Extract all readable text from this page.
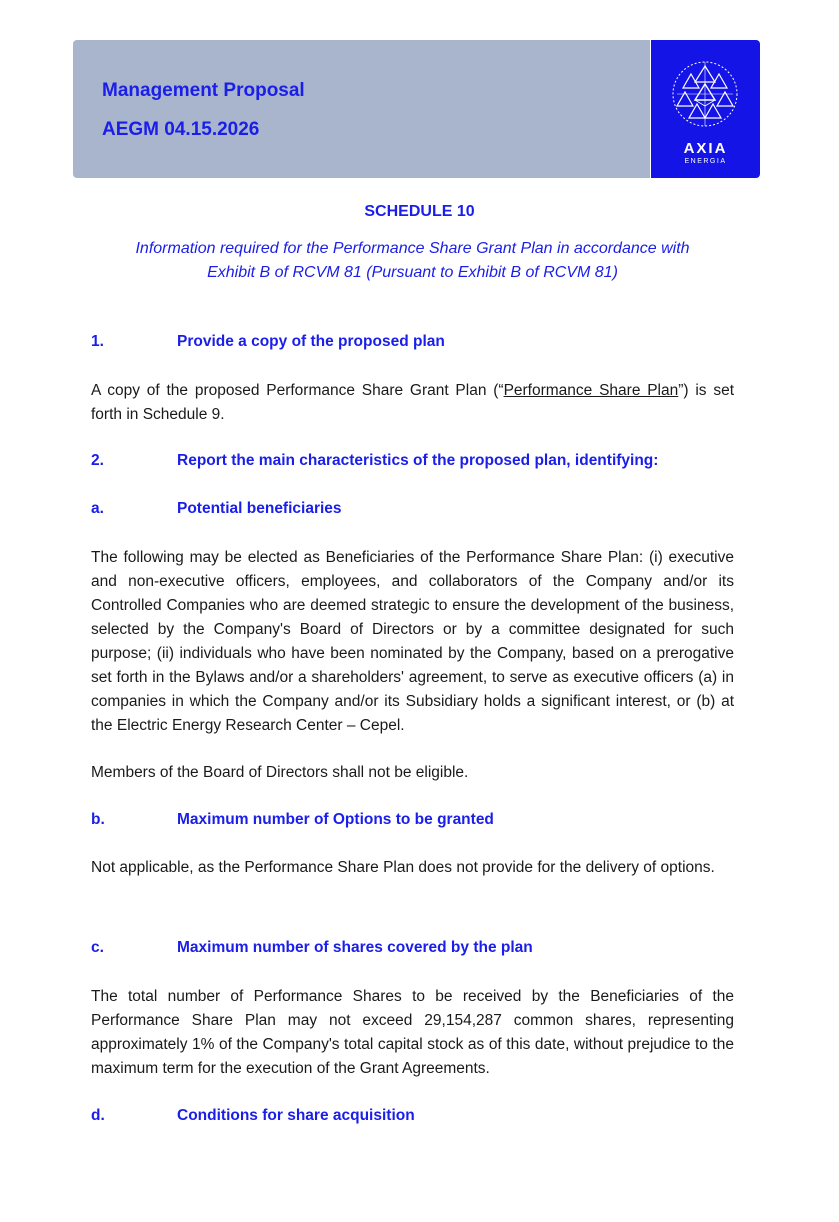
Management Proposal
AEGM 04.15.2026
AXIA
ENERGIA
SCHEDULE 10
Information required for the Performance Share Grant Plan in accordance with
Exhibit B of RCVM 81 (Pursuant to Exhibit B of RCVM 81)
1.	Provide a copy of the proposed plan

A copy of the proposed Performance Share Grant Plan (“Performance Share Plan”) is set forth in Schedule 9.

2.	Report the main characteristics of the proposed plan, identifying:
a.	Potential beneficiaries

The following may be elected as Beneficiaries of the Performance Share Plan: (i) executive and non-executive officers, employees, and collaborators of the Company and/or its Controlled Companies who are deemed strategic to ensure the development of the business, selected by the Company's Board of Directors or by a committee designated for such purpose; (ii) individuals who have been nominated by the Company, based on a prerogative set forth in the Bylaws and/or a shareholders' agreement, to serve as executive officers (a) in companies in which the Company and/or its Subsidiary holds a significant interest, or (b) at the Electric Energy Research Center – Cepel.

Members of the Board of Directors shall not be eligible.

b.	Maximum number of Options to be granted

Not applicable, as the Performance Share Plan does not provide for the delivery of options.

c.	Maximum number of shares covered by the plan

The total number of Performance Shares to be received by the Beneficiaries of the Performance Share Plan may not exceed 29,154,287 common shares, representing approximately 1% of the Company's total capital stock as of this date, without prejudice to the maximum term for the execution of the Grant Agreements.

d.	Conditions for share acquisition
